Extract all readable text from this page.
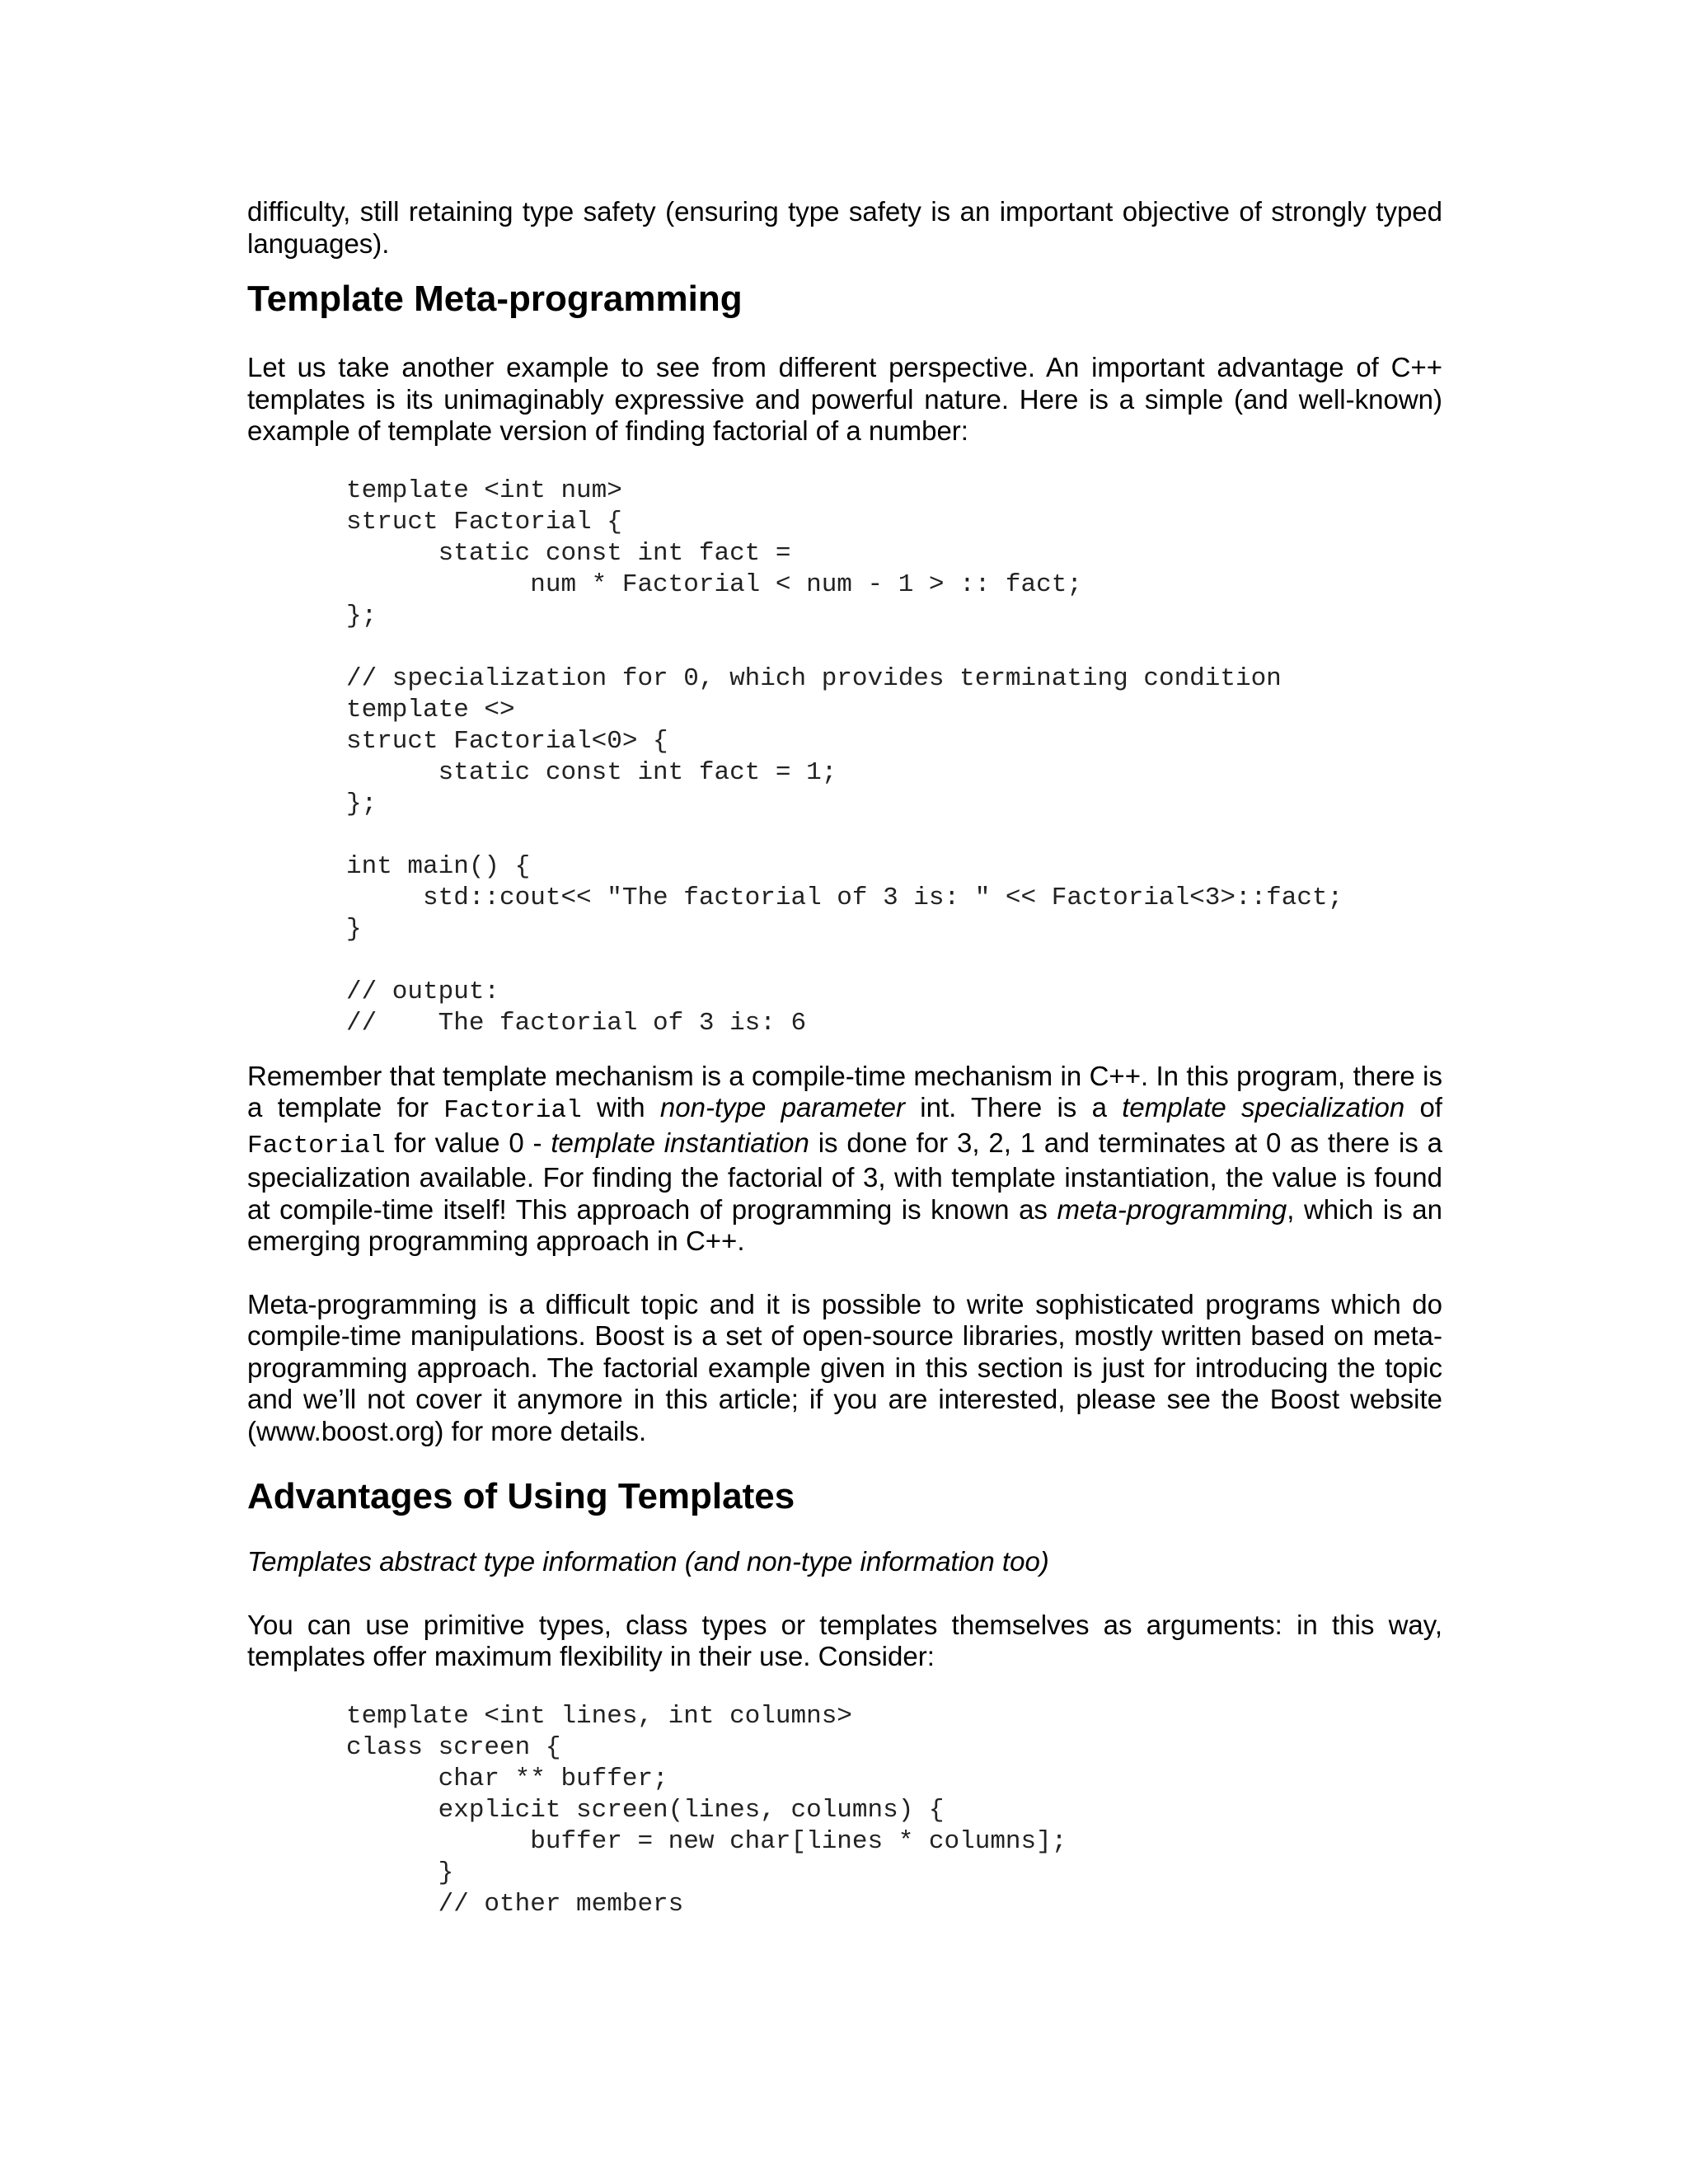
difficulty, still retaining type safety (ensuring type safety is an important objective of strongly typed languages).

Template Meta-programming

Let us take another example to see from different perspective. An important advantage of C++ templates is its unimaginably expressive and powerful nature. Here is a simple (and well-known) example of template version of finding factorial of a number:

template <int num>
struct Factorial {
static const int fact =
num * Factorial < num - 1 > :: fact;
};

// specialization for 0, which provides terminating condition
template <>
struct Factorial<0> {
static const int fact = 1;
};

int main() {
std::cout<< "The factorial of 3 is: " << Factorial<3>::fact;
}

// output:
//    The factorial of 3 is: 6

Remember that template mechanism is a compile-time mechanism in C++. In this program, there is a template for Factorial with non-type parameter int. There is a template specialization of Factorial for value 0 - template instantiation is done for 3, 2, 1 and terminates at 0 as there is a specialization available. For finding the factorial of 3, with template instantiation, the value is found at compile-time itself! This approach of programming is known as meta-programming, which is an emerging programming approach in C++.

Meta-programming is a difficult topic and it is possible to write sophisticated programs which do compile-time manipulations. Boost is a set of open-source libraries, mostly written based on meta-programming approach. The factorial example given in this section is just for introducing the topic and we’ll not cover it anymore in this article; if you are interested, please see the Boost website (www.boost.org) for more details.

Advantages of Using Templates

Templates abstract type information (and non-type information too)

You can use primitive types, class types or templates themselves as arguments: in this way, templates offer maximum flexibility in their use. Consider:

template <int lines, int columns>
class screen {
char ** buffer;
explicit screen(lines, columns) {
buffer = new char[lines * columns];
}
// other members
